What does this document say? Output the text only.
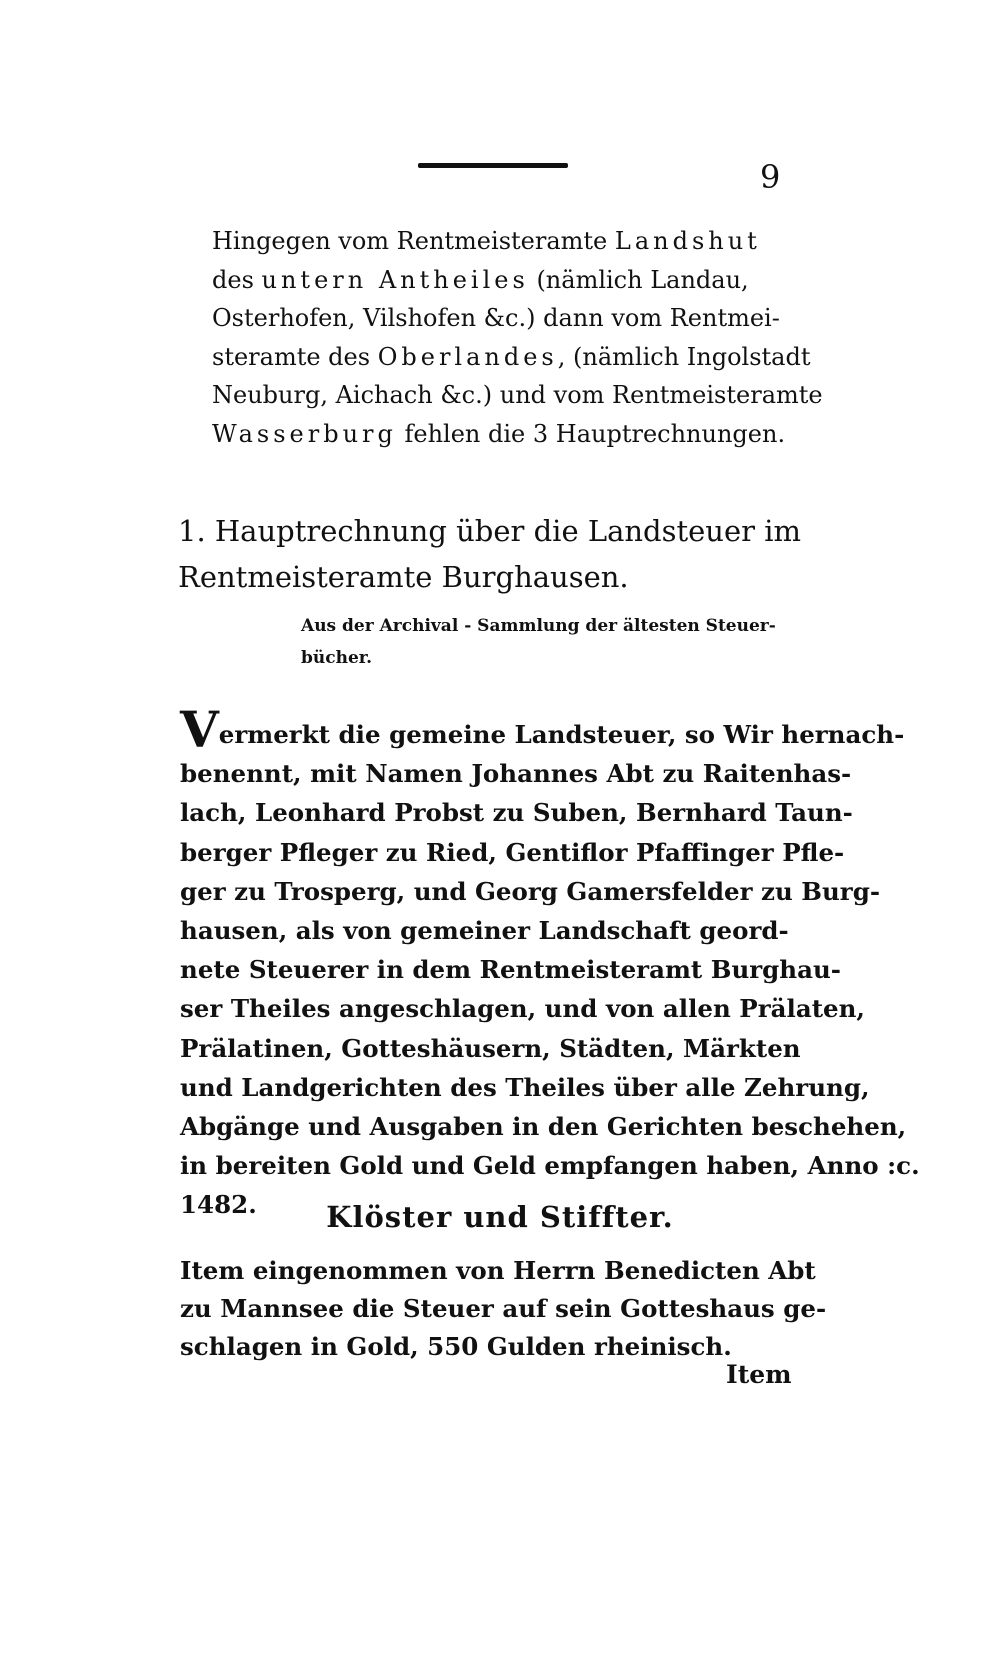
9
Hingegen vom Rentmeisteramte Landshut
des untern Antheiles (nämlich Landau,
Osterhofen, Vilshofen &c.) dann vom Rentmei-
steramte des Oberlandes, (nämlich Ingolstadt
Neuburg, Aichach &c.) und vom Rentmeisteramte
Wasserburg fehlen die 3 Hauptrechnungen.
1. Hauptrechnung über die Landsteuer im
Rentmeisteramte Burghausen.
Aus der Archival - Sammlung der ältesten Steuer-
bücher.
Vermerkt die gemeine Landsteuer, so Wir hernach-
benennt, mit Namen Johannes Abt zu Raitenhas-
lach, Leonhard Probst zu Suben, Bernhard Taun-
berger Pfleger zu Ried, Gentiflor Pfaffinger Pfle-
ger zu Trosperg, und Georg Gamersfelder zu Burg-
hausen, als von gemeiner Landschaft geord-
nete Steuerer in dem Rentmeisteramt Burghau-
ser Theiles angeschlagen, und von allen Prälaten,
Prälatinen, Gotteshäusern, Städten, Märkten
und Landgerichten des Theiles über alle Zehrung,
Abgänge und Ausgaben in den Gerichten beschehen,
in bereiten Gold und Geld empfangen haben, Anno :c.
1482.	Klöster und Stiffter.
Item eingenommen von Herrn Benedicten Abt
zu Mannsee die Steuer auf sein Gotteshaus ge-
schlagen in Gold, 550 Gulden rheinisch.
Item
